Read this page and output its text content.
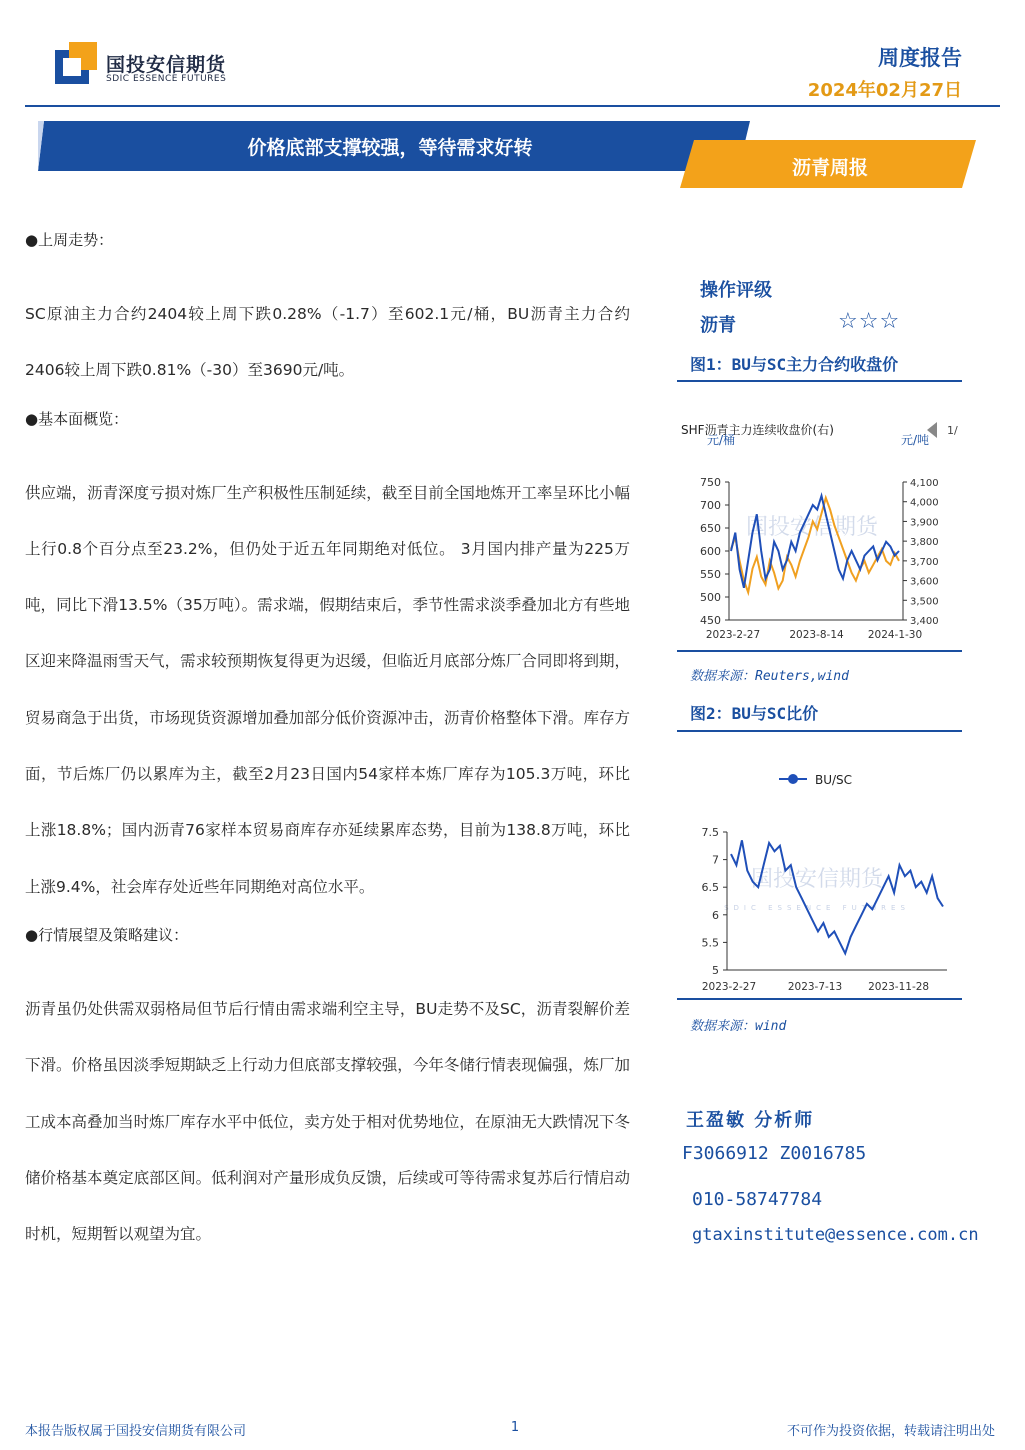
国投安信期货
SDIC ESSENCE FUTURES
周度报告
2024年02月27日
价格底部支撑较强，等待需求好转
沥青周报
●上周走势：
SC原油主力合约2404较上周下跌0.28%（-1.7）至602.1元/桶，BU沥青主力合约2406较上周下跌0.81%（-30）至3690元/吨。
●基本面概览：
供应端，沥青深度亏损对炼厂生产积极性压制延续，截至目前全国地炼开工率呈环比小幅上行0.8个百分点至23.2%，但仍处于近五年同期绝对低位。 3月国内排产量为225万吨，同比下滑13.5%（35万吨）。需求端，假期结束后，季节性需求淡季叠加北方有些地区迎来降温雨雪天气，需求较预期恢复得更为迟缓，但临近月底部分炼厂合同即将到期，贸易商急于出货，市场现货资源增加叠加部分低价资源冲击，沥青价格整体下滑。库存方面，节后炼厂仍以累库为主，截至2月23日国内54家样本炼厂库存为105.3万吨，环比上涨18.8%；国内沥青76家样本贸易商库存亦延续累库态势，目前为138.8万吨，环比上涨9.4%，社会库存处近些年同期绝对高位水平。
●行情展望及策略建议：
沥青虽仍处供需双弱格局但节后行情由需求端利空主导，BU走势不及SC，沥青裂解价差下滑。价格虽因淡季短期缺乏上行动力但底部支撑较强，今年冬储行情表现偏强，炼厂加工成本高叠加当时炼厂库存水平中低位，卖方处于相对优势地位，在原油无大跌情况下冬储价格基本奠定底部区间。低利润对产量形成负反馈，后续或可等待需求复苏后行情启动时机，短期暂以观望为宜。
操作评级
沥青	☆☆☆
图1：BU与SC主力合约收盘价
SHF沥青主力连续收盘价(右)	1/
元/桶	元/吨
国投安信期货
750
700
650
600
550
500
450
4,100
4,000
3,900
3,800
3,700
3,600
3,500
3,400
2023-2-27	2023-8-14 2024-1-30
数据来源：Reuters,wind
图2：BU与SC比价
BU/SC
国投安信期货
SDIC ESSENCE FUTURES
7.5
7
6.5
6
5.5
5
2023-2-27	2023-7-13 2023-11-28
数据来源：wind
王盈敏 分析师
F3066912 Z0016785
010-58747784
gtaxinstitute@essence.com.cn
本报告版权属于国投安信期货有限公司	1	不可作为投资依据，转载请注明出处
